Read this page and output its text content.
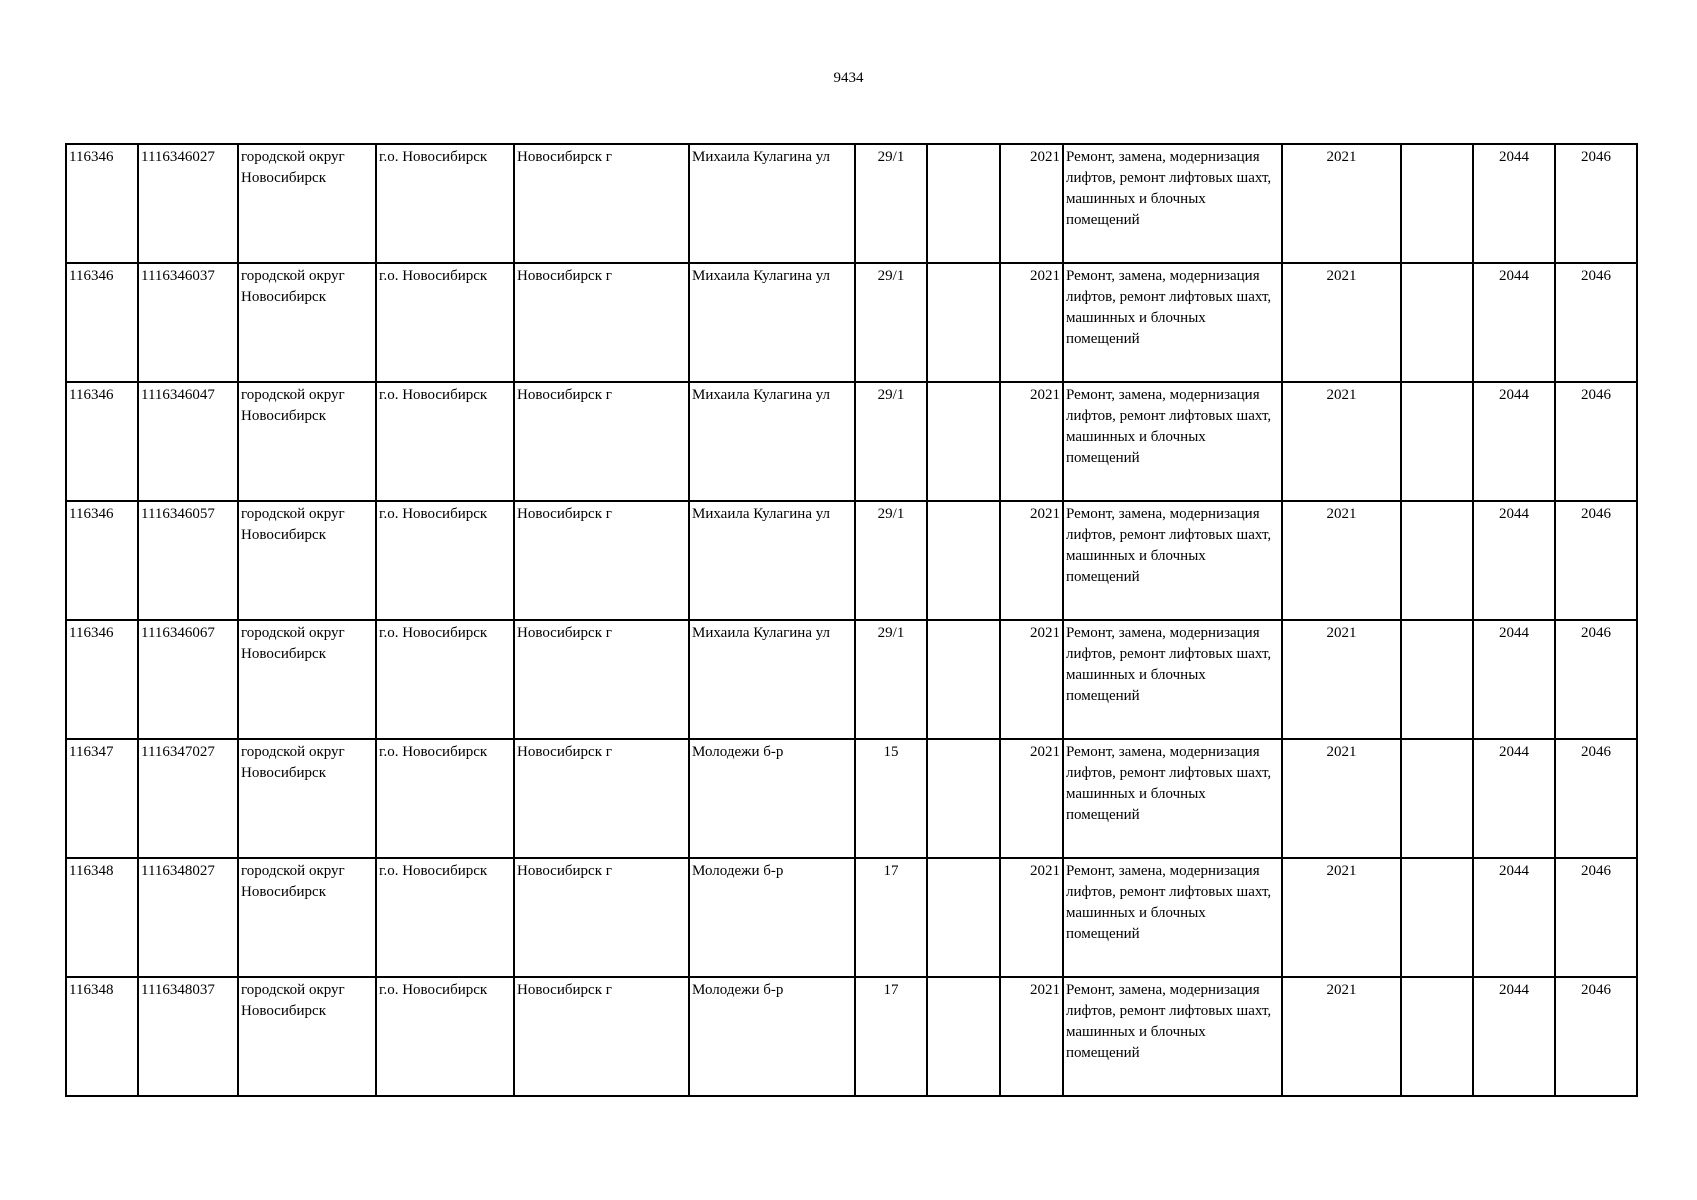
9434
116346	1116346027	городской округ Новосибирск	г.о. Новосибирск	Новосибирск г	Михаила Кулагина ул	29/1		2021	Ремонт, замена, модернизация лифтов, ремонт лифтовых шахт, машинных и блочных помещений	2021		2044	2046
116346	1116346037	городской округ Новосибирск	г.о. Новосибирск	Новосибирск г	Михаила Кулагина ул	29/1		2021	Ремонт, замена, модернизация лифтов, ремонт лифтовых шахт, машинных и блочных помещений	2021		2044	2046
116346	1116346047	городской округ Новосибирск	г.о. Новосибирск	Новосибирск г	Михаила Кулагина ул	29/1		2021	Ремонт, замена, модернизация лифтов, ремонт лифтовых шахт, машинных и блочных помещений	2021		2044	2046
116346	1116346057	городской округ Новосибирск	г.о. Новосибирск	Новосибирск г	Михаила Кулагина ул	29/1		2021	Ремонт, замена, модернизация лифтов, ремонт лифтовых шахт, машинных и блочных помещений	2021		2044	2046
116346	1116346067	городской округ Новосибирск	г.о. Новосибирск	Новосибирск г	Михаила Кулагина ул	29/1		2021	Ремонт, замена, модернизация лифтов, ремонт лифтовых шахт, машинных и блочных помещений	2021		2044	2046
116347	1116347027	городской округ Новосибирск	г.о. Новосибирск	Новосибирск г	Молодежи б-р	15		2021	Ремонт, замена, модернизация лифтов, ремонт лифтовых шахт, машинных и блочных помещений	2021		2044	2046
116348	1116348027	городской округ Новосибирск	г.о. Новосибирск	Новосибирск г	Молодежи б-р	17		2021	Ремонт, замена, модернизация лифтов, ремонт лифтовых шахт, машинных и блочных помещений	2021		2044	2046
116348	1116348037	городской округ Новосибирск	г.о. Новосибирск	Новосибирск г	Молодежи б-р	17		2021	Ремонт, замена, модернизация лифтов, ремонт лифтовых шахт, машинных и блочных помещений	2021		2044	2046
